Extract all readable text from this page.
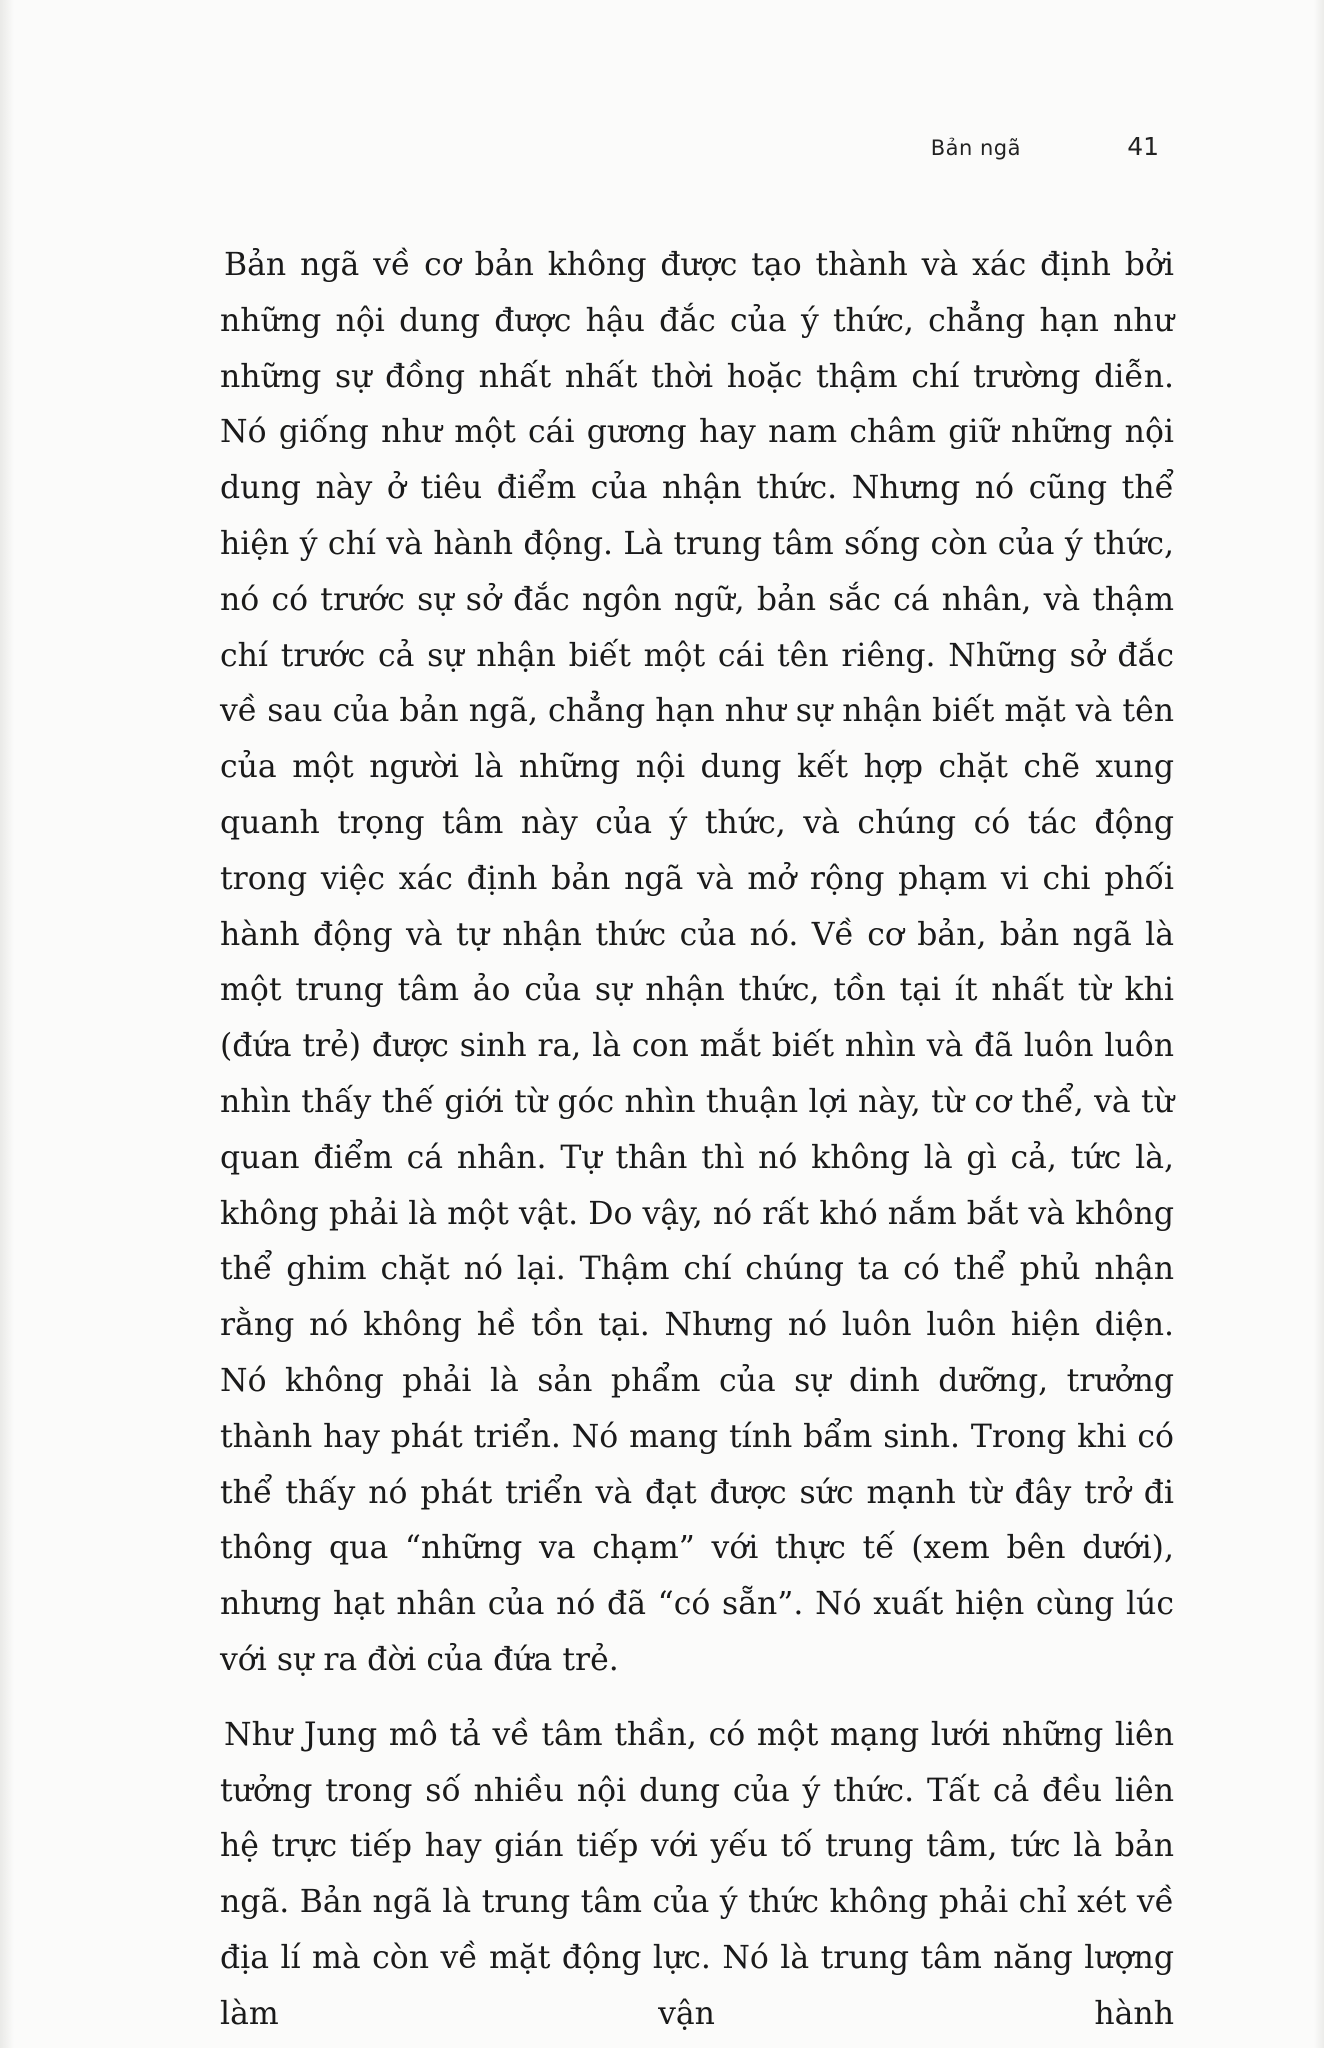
Bản ngã	41

Bản ngã về cơ bản không được tạo thành và xác định bởi những nội dung được hậu đắc của ý thức, chẳng hạn như những sự đồng nhất nhất thời hoặc thậm chí trường diễn. Nó giống như một cái gương hay nam châm giữ những nội dung này ở tiêu điểm của nhận thức. Nhưng nó cũng thể hiện ý chí và hành động. Là trung tâm sống còn của ý thức, nó có trước sự sở đắc ngôn ngữ, bản sắc cá nhân, và thậm chí trước cả sự nhận biết một cái tên riêng. Những sở đắc về sau của bản ngã, chẳng hạn như sự nhận biết mặt và tên của một người là những nội dung kết hợp chặt chẽ xung quanh trọng tâm này của ý thức, và chúng có tác động trong việc xác định bản ngã và mở rộng phạm vi chi phối hành động và tự nhận thức của nó. Về cơ bản, bản ngã là một trung tâm ảo của sự nhận thức, tồn tại ít nhất từ khi (đứa trẻ) được sinh ra, là con mắt biết nhìn và đã luôn luôn nhìn thấy thế giới từ góc nhìn thuận lợi này, từ cơ thể, và từ quan điểm cá nhân. Tự thân thì nó không là gì cả, tức là, không phải là một vật. Do vậy, nó rất khó nắm bắt và không thể ghim chặt nó lại. Thậm chí chúng ta có thể phủ nhận rằng nó không hề tồn tại. Nhưng nó luôn luôn hiện diện. Nó không phải là sản phẩm của sự dinh dưỡng, trưởng thành hay phát triển. Nó mang tính bẩm sinh. Trong khi có thể thấy nó phát triển và đạt được sức mạnh từ đây trở đi thông qua “những va chạm” với thực tế (xem bên dưới), nhưng hạt nhân của nó đã “có sẵn”. Nó xuất hiện cùng lúc với sự ra đời của đứa trẻ.

Như Jung mô tả về tâm thần, có một mạng lưới những liên tưởng trong số nhiều nội dung của ý thức. Tất cả đều liên hệ trực tiếp hay gián tiếp với yếu tố trung tâm, tức là bản ngã. Bản ngã là trung tâm của ý thức không phải chỉ xét về địa lí mà còn về mặt động lực. Nó là trung tâm năng lượng làm vận hành
